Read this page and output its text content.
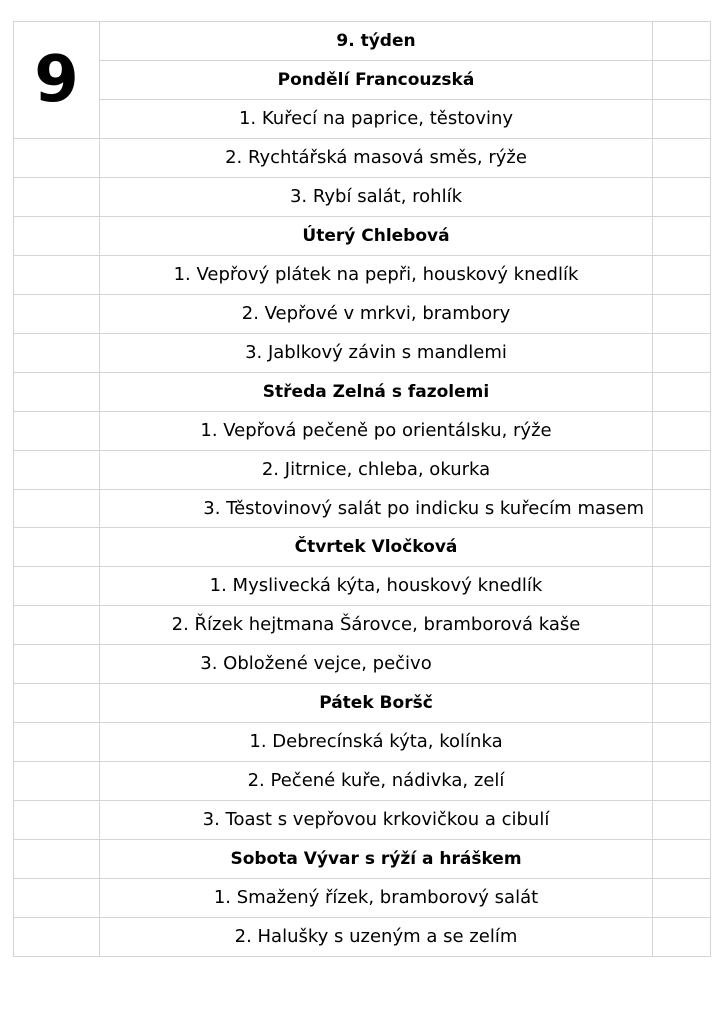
9	9. týden	
	Pondělí Francouzská	
	1. Kuřecí na paprice, těstoviny	
	2. Rychtářská masová směs, rýže	
	3. Rybí salát, rohlík	
	Úterý Chlebová	
	1. Vepřový plátek na pepři, houskový knedlík	
	2. Vepřové v mrkvi, brambory	
	3. Jablkový závin s mandlemi	
	Středa Zelná s fazolemi	
	1. Vepřová pečeně po orientálsku, rýže	
	2. Jitrnice, chleba, okurka	

	3. Těstovinový salát po indicku s kuřecím masem	

	Čtvrtek Vločková	
	1. Myslivecká kýta, houskový knedlík	
	2. Řízek hejtmana Šárovce, bramborová kaše	
	3. Obložené vejce, pečivo	
	Pátek Boršč	
	1. Debrecínská kýta, kolínka	
	2. Pečené kuře, nádivka, zelí	
	3. Toast s vepřovou krkovičkou a cibulí	
	Sobota Vývar s rýží a hráškem	
	1. Smažený řízek, bramborový salát	
	2. Halušky s uzeným a se zelím	
